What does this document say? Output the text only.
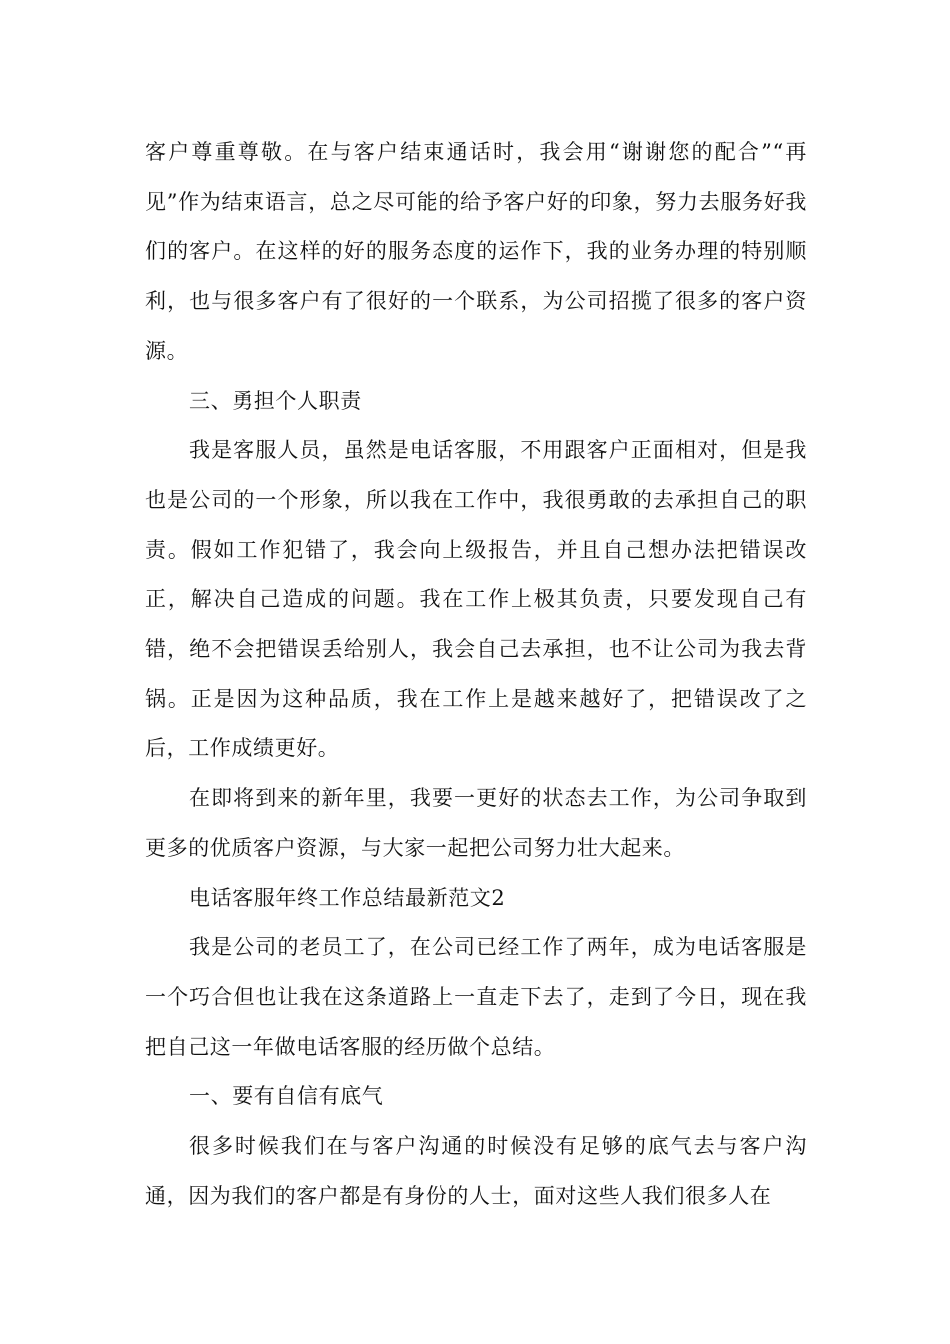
客户尊重尊敬。在与客户结束通话时，我会用“谢谢您的配合”“再见”作为结束语言，总之尽可能的给予客户好的印象，努力去服务好我们的客户。在这样的好的服务态度的运作下，我的业务办理的特别顺利，也与很多客户有了很好的一个联系，为公司招揽了很多的客户资源。

三、勇担个人职责

我是客服人员，虽然是电话客服，不用跟客户正面相对，但是我也是公司的一个形象，所以我在工作中，我很勇敢的去承担自己的职责。假如工作犯错了，我会向上级报告，并且自己想办法把错误改正，解决自己造成的问题。我在工作上极其负责，只要发现自己有错，绝不会把错误丢给别人，我会自己去承担，也不让公司为我去背锅。正是因为这种品质，我在工作上是越来越好了，把错误改了之后，工作成绩更好。

在即将到来的新年里，我要一更好的状态去工作，为公司争取到更多的优质客户资源，与大家一起把公司努力壮大起来。

电话客服年终工作总结最新范文2

我是公司的老员工了，在公司已经工作了两年，成为电话客服是一个巧合但也让我在这条道路上一直走下去了，走到了今日，现在我把自己这一年做电话客服的经历做个总结。

一、要有自信有底气

很多时候我们在与客户沟通的时候没有足够的底气去与客户沟通，因为我们的客户都是有身份的人士，面对这些人我们很多人在
